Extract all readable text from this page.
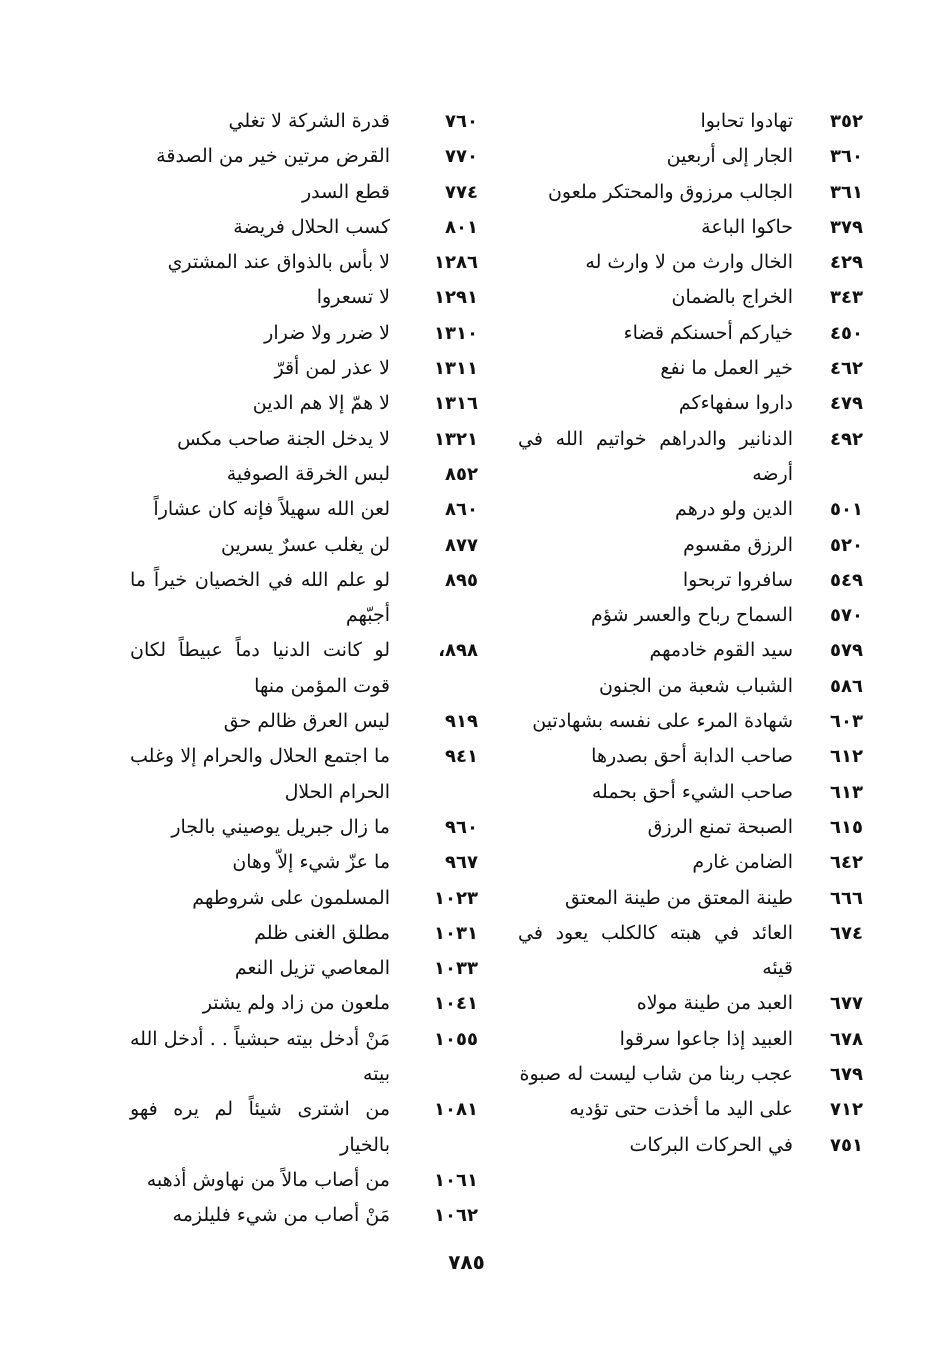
٣٥٢
تهادوا تحابوا
٣٦٠
الجار إلى أربعين
٣٦١
الجالب مرزوق والمحتكر ملعون
٣٧٩
حاكوا الباعة
٤٢٩
الخال وارث من لا وارث له
٣٤٣
الخراج بالضمان
٤٥٠
خياركم أحسنكم قضاء
٤٦٢
خير العمل ما نفع
٤٧٩
داروا سفهاءكم
٤٩٢
الدنانير والدراهم خواتيم الله في أرضه
٥٠١
الدين ولو درهم
٥٢٠
الرزق مقسوم
٥٤٩
سافروا تربحوا
٥٧٠
السماح رباح والعسر شؤم
٥٧٩
سيد القوم خادمهم
٥٨٦
الشباب شعبة من الجنون
٦٠٣
شهادة المرء على نفسه بشهادتين
٦١٢
صاحب الدابة أحق بصدرها
٦١٣
صاحب الشيء أحق بحمله
٦١٥
الصبحة تمنع الرزق
٦٤٢
الضامن غارم
٦٦٦
طينة المعتق من طينة المعتق
٦٧٤
العائد في هبته كالكلب يعود في قيئه
٦٧٧
العبد من طينة مولاه
٦٧٨
العبيد إذا جاعوا سرقوا
٦٧٩
عجب ربنا من شاب ليست له صبوة
٧١٢
على اليد ما أخذت حتى تؤديه
٧٥١
في الحركات البركات
٧٦٠
قدرة الشركة لا تغلي
٧٧٠
القرض مرتين خير من الصدقة
٧٧٤
قطع السدر
٨٠١
كسب الحلال فريضة
١٢٨٦
لا بأس بالذواق عند المشتري
١٢٩١
لا تسعروا
١٣١٠
لا ضرر ولا ضرار
١٣١١
لا عذر لمن أقرّ
١٣١٦
لا همّ إلا هم الدين
١٣٢١
لا يدخل الجنة صاحب مكس
٨٥٢
لبس الخرقة الصوفية
٨٦٠
لعن الله سهيلاً فإنه كان عشاراً
٨٧٧
لن يغلب عسرٌ يسرين
٨٩٥
لو علم الله في الخصيان خيراً ما أجبّهم
٨٩٨،
لو كانت الدنيا دماً عبيطاً لكان قوت المؤمن منها
٩١٩
ليس العرق ظالم حق
٩٤١
ما اجتمع الحلال والحرام إلا وغلب الحرام الحلال
٩٦٠
ما زال جبريل يوصيني بالجار
٩٦٧
ما عزّ شيء إلاّ وهان
١٠٢٣
المسلمون على شروطهم
١٠٣١
مطلق الغنى ظلم
١٠٣٣
المعاصي تزيل النعم
١٠٤١
ملعون من زاد ولم يشتر
١٠٥٥
مَنْ أدخل بيته حبشياً . . أدخل الله بيته
١٠٨١
من اشترى شيئاً لم يره فهو بالخيار
١٠٦١
من أصاب مالاً من نهاوش أذهبه
١٠٦٢
مَنْ أصاب من شيء فليلزمه
٧٨٥
